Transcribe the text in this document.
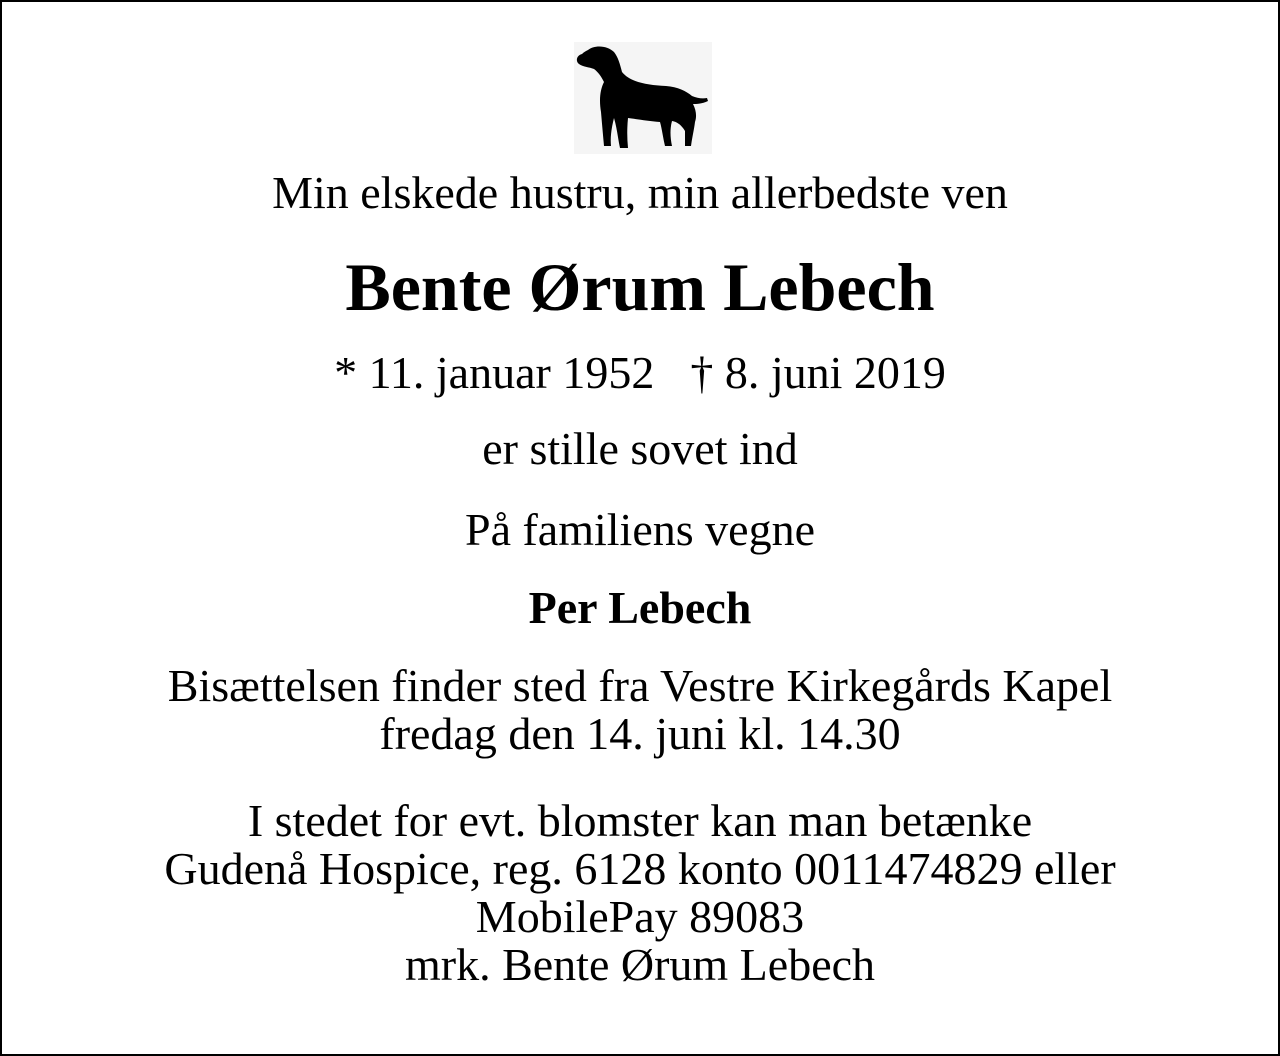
Min elskede hustru, min allerbedste ven
Bente Ørum Lebech
* 11. januar 1952 † 8. juni 2019
er stille sovet ind
På familiens vegne
Per Lebech
Bisættelsen finder sted fra Vestre Kirkegårds Kapel
fredag den 14. juni kl. 14.30
I stedet for evt. blomster kan man betænke
Gudenå Hospice, reg. 6128 konto 0011474829 eller
MobilePay 89083
mrk. Bente Ørum Lebech
